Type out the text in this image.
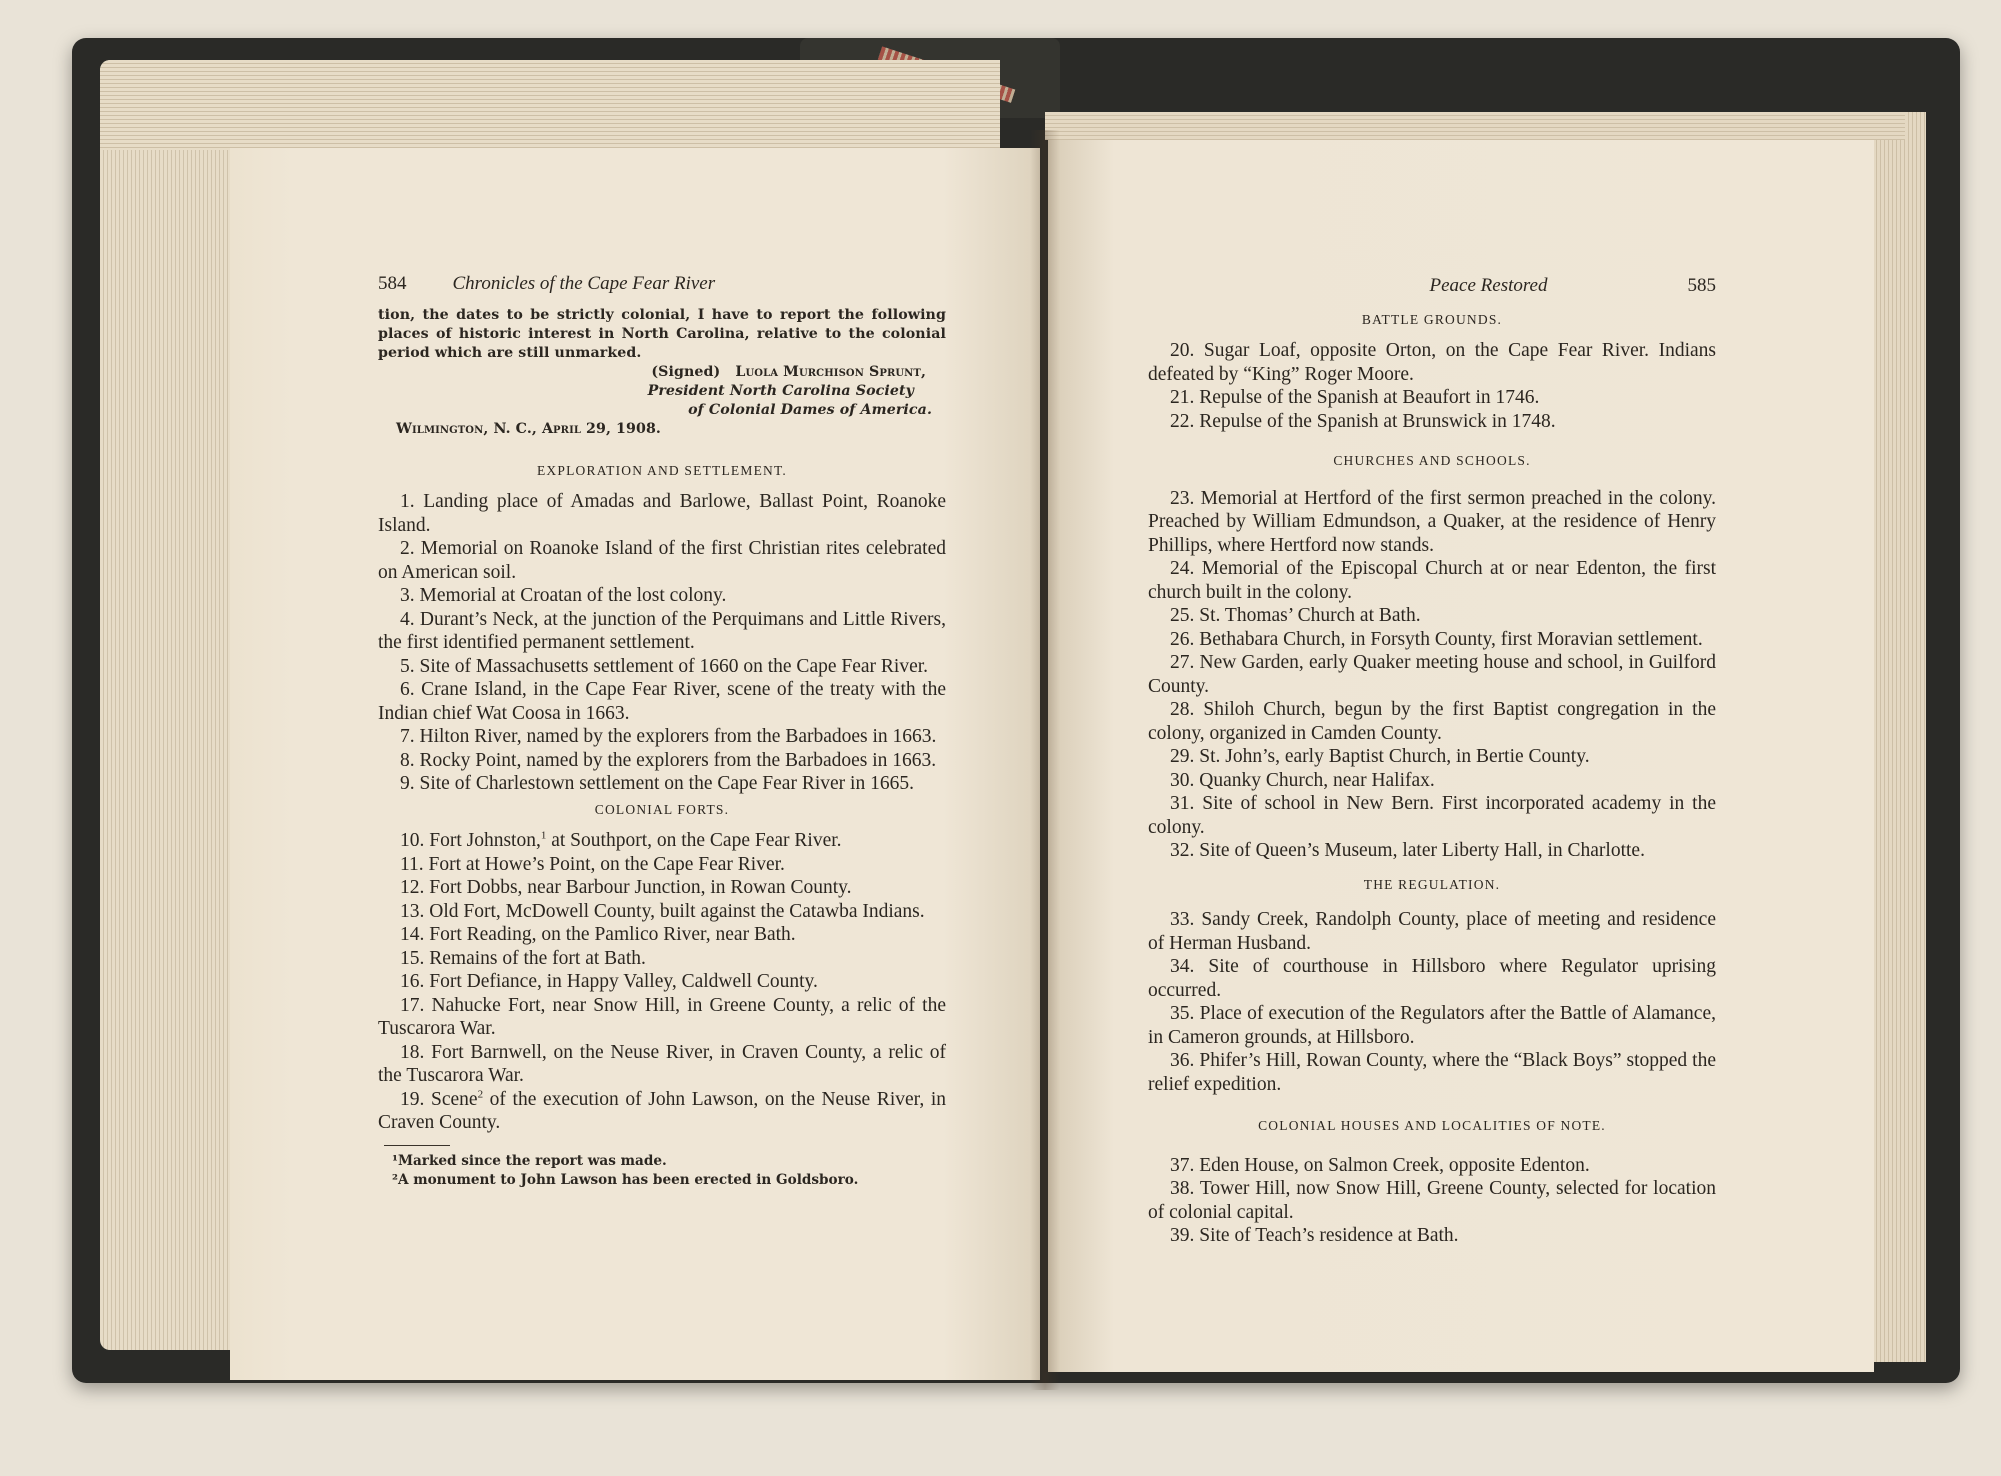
584 Chronicles of the Cape Fear River

tion, the dates to be strictly colonial, I have to report the following places of historic interest in North Carolina, relative to the colonial period which are still unmarked.

(Signed) Luola Murchison Sprunt,
President North Carolina Society
of Colonial Dames of America.
Wilmington, N. C., April 29, 1908.
EXPLORATION AND SETTLEMENT.

1. Landing place of Amadas and Barlowe, Ballast Point, Roanoke Island.

2. Memorial on Roanoke Island of the first Christian rites celebrated on American soil.

3. Memorial at Croatan of the lost colony.

4. Durant’s Neck, at the junction of the Perquimans and Little Rivers, the first identified permanent settlement.

5. Site of Massachusetts settlement of 1660 on the Cape Fear River.

6. Crane Island, in the Cape Fear River, scene of the treaty with the Indian chief Wat Coosa in 1663.

7. Hilton River, named by the explorers from the Barbadoes in 1663.

8. Rocky Point, named by the explorers from the Barbadoes in 1663.

9. Site of Charlestown settlement on the Cape Fear River in 1665.

COLONIAL FORTS.

10. Fort Johnston,$^1$ at Southport, on the Cape Fear River.

11. Fort at Howe’s Point, on the Cape Fear River.

12. Fort Dobbs, near Barbour Junction, in Rowan County.

13. Old Fort, McDowell County, built against the Catawba Indians.

14. Fort Reading, on the Pamlico River, near Bath.

15. Remains of the fort at Bath.

16. Fort Defiance, in Happy Valley, Caldwell County.

17. Nahucke Fort, near Snow Hill, in Greene County, a relic of the Tuscarora War.

18. Fort Barnwell, on the Neuse River, in Craven County, a relic of the Tuscarora War.

19. Scene$^2$ of the execution of John Lawson, on the Neuse River, in Craven County.

¹Marked since the report was made.
²A monument to John Lawson has been erected in Goldsboro.
Peace Restored	585
BATTLE GROUNDS.

20. Sugar Loaf, opposite Orton, on the Cape Fear River. Indians defeated by “King” Roger Moore.

21. Repulse of the Spanish at Beaufort in 1746.

22. Repulse of the Spanish at Brunswick in 1748.

CHURCHES AND SCHOOLS.

23. Memorial at Hertford of the first sermon preached in the colony. Preached by William Edmundson, a Quaker, at the residence of Henry Phillips, where Hertford now stands.

24. Memorial of the Episcopal Church at or near Edenton, the first church built in the colony.

25. St. Thomas’ Church at Bath.

26. Bethabara Church, in Forsyth County, first Moravian settlement.

27. New Garden, early Quaker meeting house and school, in Guilford County.

28. Shiloh Church, begun by the first Baptist congregation in the colony, organized in Camden County.

29. St. John’s, early Baptist Church, in Bertie County.

30. Quanky Church, near Halifax.

31. Site of school in New Bern. First incorporated academy in the colony.

32. Site of Queen’s Museum, later Liberty Hall, in Charlotte.

THE REGULATION.

33. Sandy Creek, Randolph County, place of meeting and residence of Herman Husband.

34. Site of courthouse in Hillsboro where Regulator uprising occurred.

35. Place of execution of the Regulators after the Battle of Alamance, in Cameron grounds, at Hillsboro.

36. Phifer’s Hill, Rowan County, where the “Black Boys” stopped the relief expedition.

COLONIAL HOUSES AND LOCALITIES OF NOTE.

37. Eden House, on Salmon Creek, opposite Edenton.

38. Tower Hill, now Snow Hill, Greene County, selected for location of colonial capital.

39. Site of Teach’s residence at Bath.
